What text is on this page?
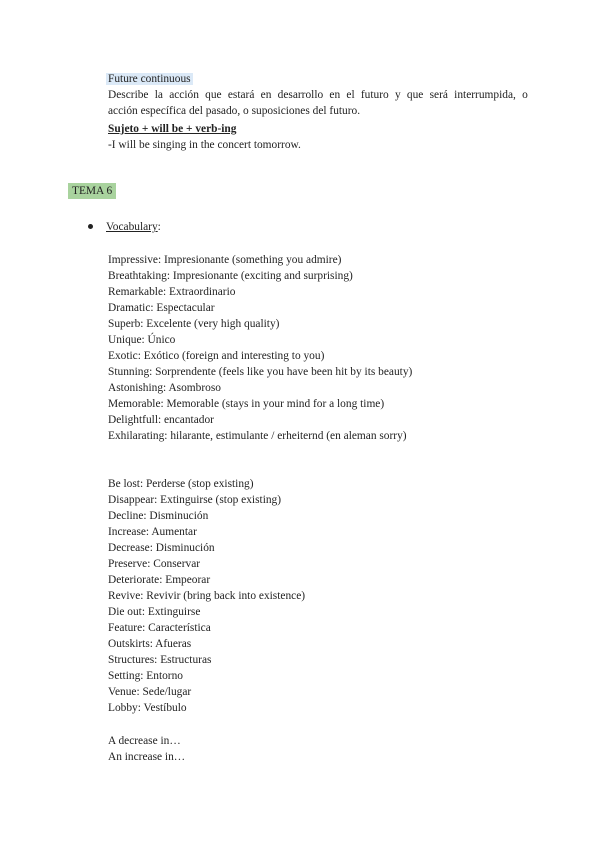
Future continuous
Describe la acción que estará en desarrollo en el futuro y que será interrumpida, o
acción específica del pasado, o suposiciones del futuro.
Sujeto + will be + verb-ing
-I will be singing in the concert tomorrow.
TEMA 6
Vocabulary:
Impressive: Impresionante (something you admire)
Breathtaking: Impresionante (exciting and surprising)
Remarkable: Extraordinario
Dramatic: Espectacular
Superb: Excelente (very high quality)
Unique: Único
Exotic: Exótico (foreign and interesting to you)
Stunning: Sorprendente (feels like you have been hit by its beauty)
Astonishing: Asombroso
Memorable: Memorable (stays in your mind for a long time)
Delightfull: encantador
Exhilarating: hilarante, estimulante / erheiternd (en aleman sorry)
Be lost: Perderse (stop existing)
Disappear: Extinguirse (stop existing)
Decline: Disminución
Increase: Aumentar
Decrease: Disminución
Preserve: Conservar
Deteriorate: Empeorar
Revive: Revivir (bring back into existence)
Die out: Extinguirse
Feature: Característica
Outskirts: Afueras
Structures: Estructuras
Setting: Entorno
Venue: Sede/lugar
Lobby: Vestíbulo
A decrease in…
An increase in…
